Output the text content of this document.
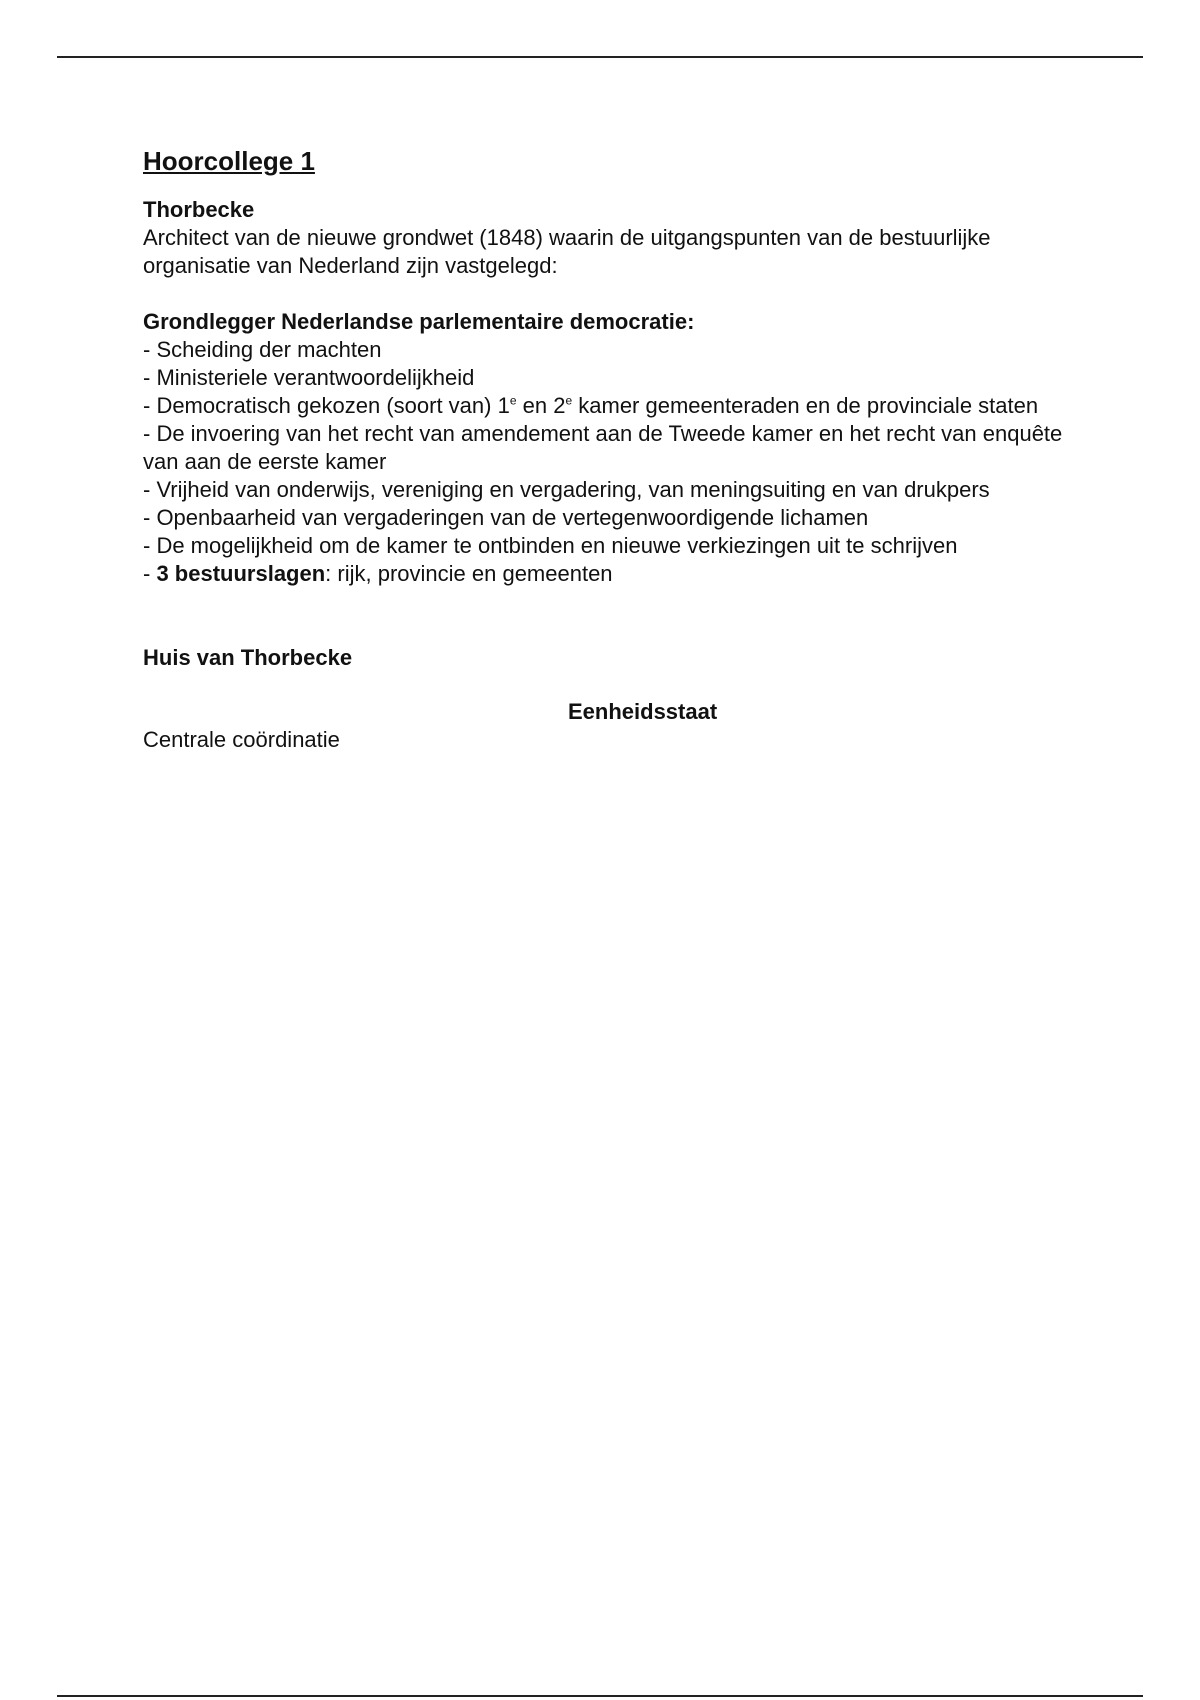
Hoorcollege 1

Thorbecke

Architect van de nieuwe grondwet (1848) waarin de uitgangspunten van de bestuurlijke organisatie van Nederland zijn vastgelegd:

Grondlegger Nederlandse parlementaire democratie:

- Scheiding der machten

- Ministeriele verantwoordelijkheid

- Democratisch gekozen (soort van) 1e en 2e kamer gemeenteraden en de provinciale staten

- De invoering van het recht van amendement aan de Tweede kamer en het recht van enquête van aan de eerste kamer

- Vrijheid van onderwijs, vereniging en vergadering, van meningsuiting en van drukpers

- Openbaarheid van vergaderingen van de vertegenwoordigende lichamen

- De mogelijkheid om de kamer te ontbinden en nieuwe verkiezingen uit te schrijven

- 3 bestuurslagen: rijk, provincie en gemeenten

Huis van Thorbecke

Eenheidsstaat

Centrale coördinatie
